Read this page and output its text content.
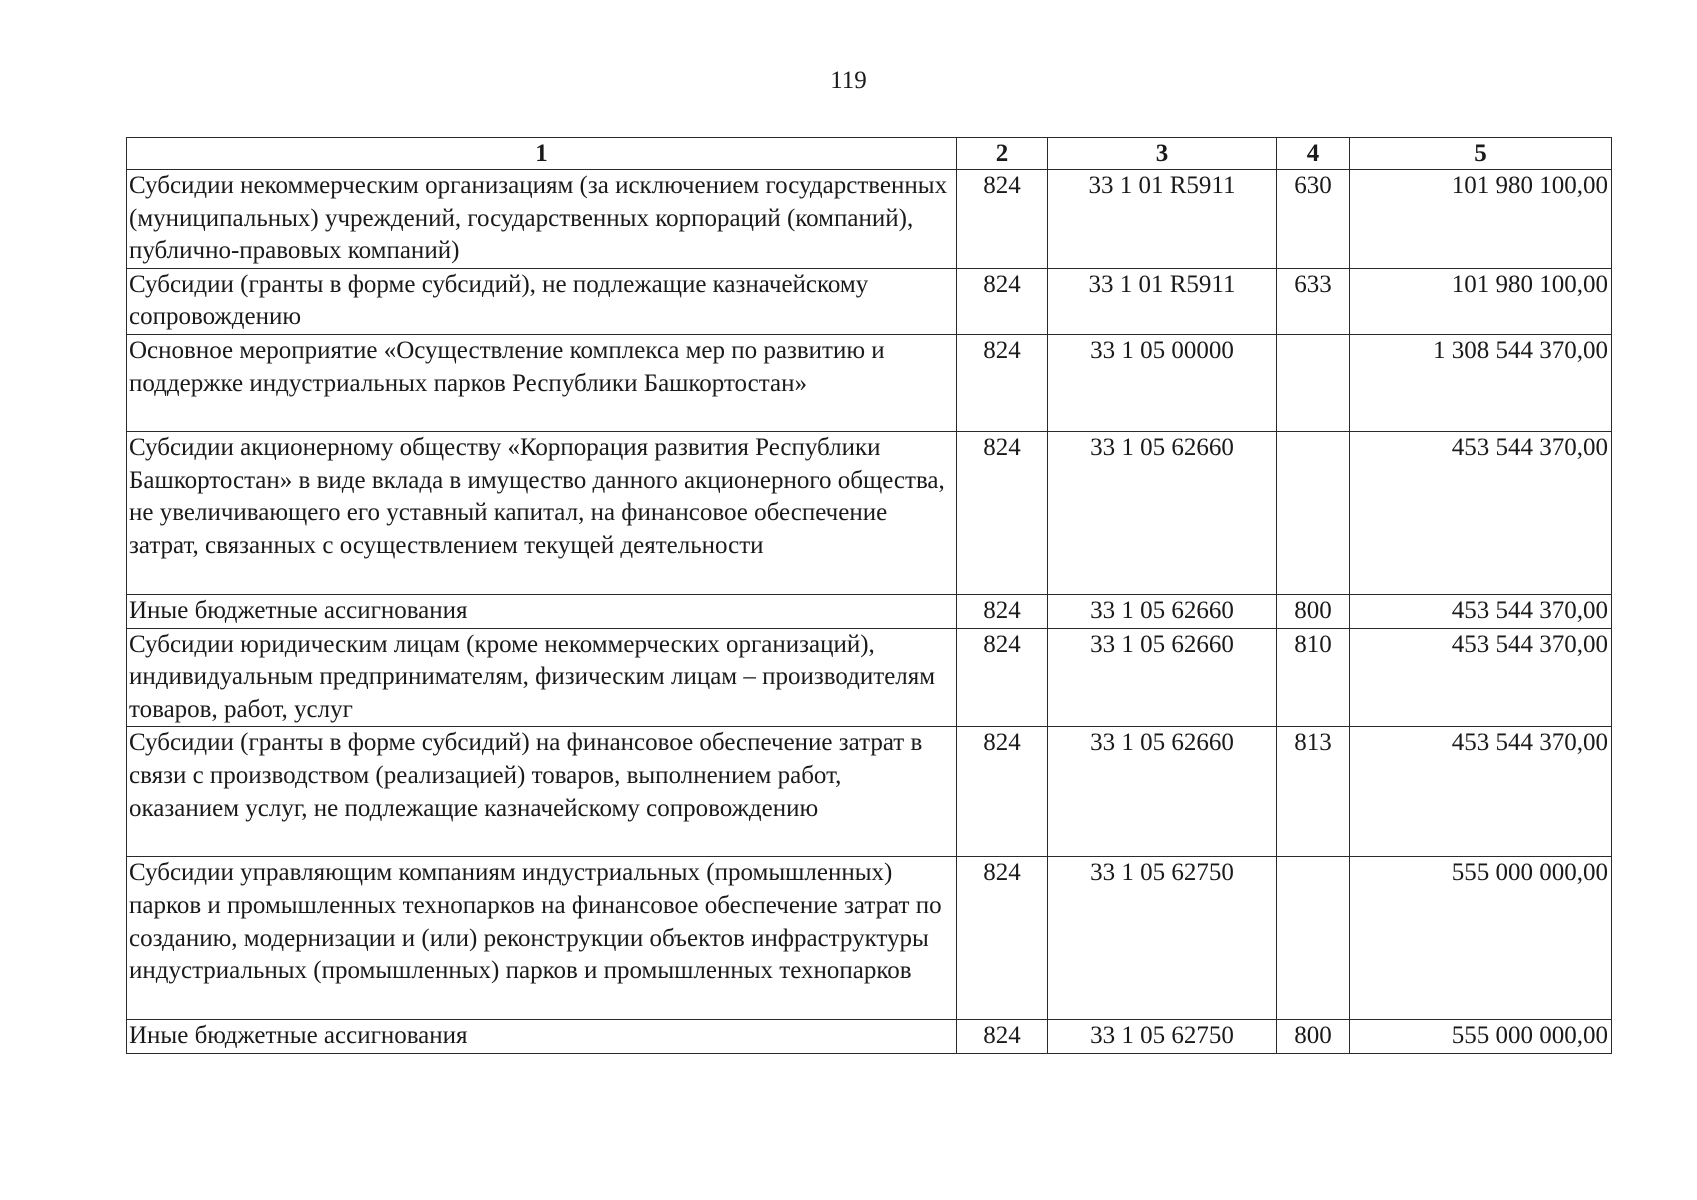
119
1	2	3	4	5
Субсидии некоммерческим организациям (за исключением государственных (муниципальных) учреждений, государственных корпораций (компаний), публично-правовых компаний)	824	33 1 01 R5911	630	101 980 100,00
Субсидии (гранты в форме субсидий), не подлежащие казначейскому сопровождению	824	33 1 01 R5911	633	101 980 100,00
Основное мероприятие «Осуществление комплекса мер по развитию и поддержке индустриальных парков Республики Башкортостан»	824	33 1 05 00000		1 308 544 370,00
Субсидии акционерному обществу «Корпорация развития Республики Башкортостан» в виде вклада в имущество данного акционерного общества, не увеличивающего его уставный капитал, на финансовое обеспечение затрат, связанных с осуществлением текущей деятельности	824	33 1 05 62660		453 544 370,00
Иные бюджетные ассигнования	824	33 1 05 62660	800	453 544 370,00
Субсидии юридическим лицам (кроме некоммерческих организаций), индивидуальным предпринимателям, физическим лицам – производителям товаров, работ, услуг	824	33 1 05 62660	810	453 544 370,00
Субсидии (гранты в форме субсидий) на финансовое обеспечение затрат в связи с производством (реализацией) товаров, выполнением работ, оказанием услуг, не подлежащие казначейскому сопровождению	824	33 1 05 62660	813	453 544 370,00
Субсидии управляющим компаниям индустриальных (промышленных) парков и промышленных технопарков на финансовое обеспечение затрат по созданию, модернизации и (или) реконструкции объектов инфраструктуры индустриальных (промышленных) парков и промышленных технопарков	824	33 1 05 62750		555 000 000,00
Иные бюджетные ассигнования	824	33 1 05 62750	800	555 000 000,00
